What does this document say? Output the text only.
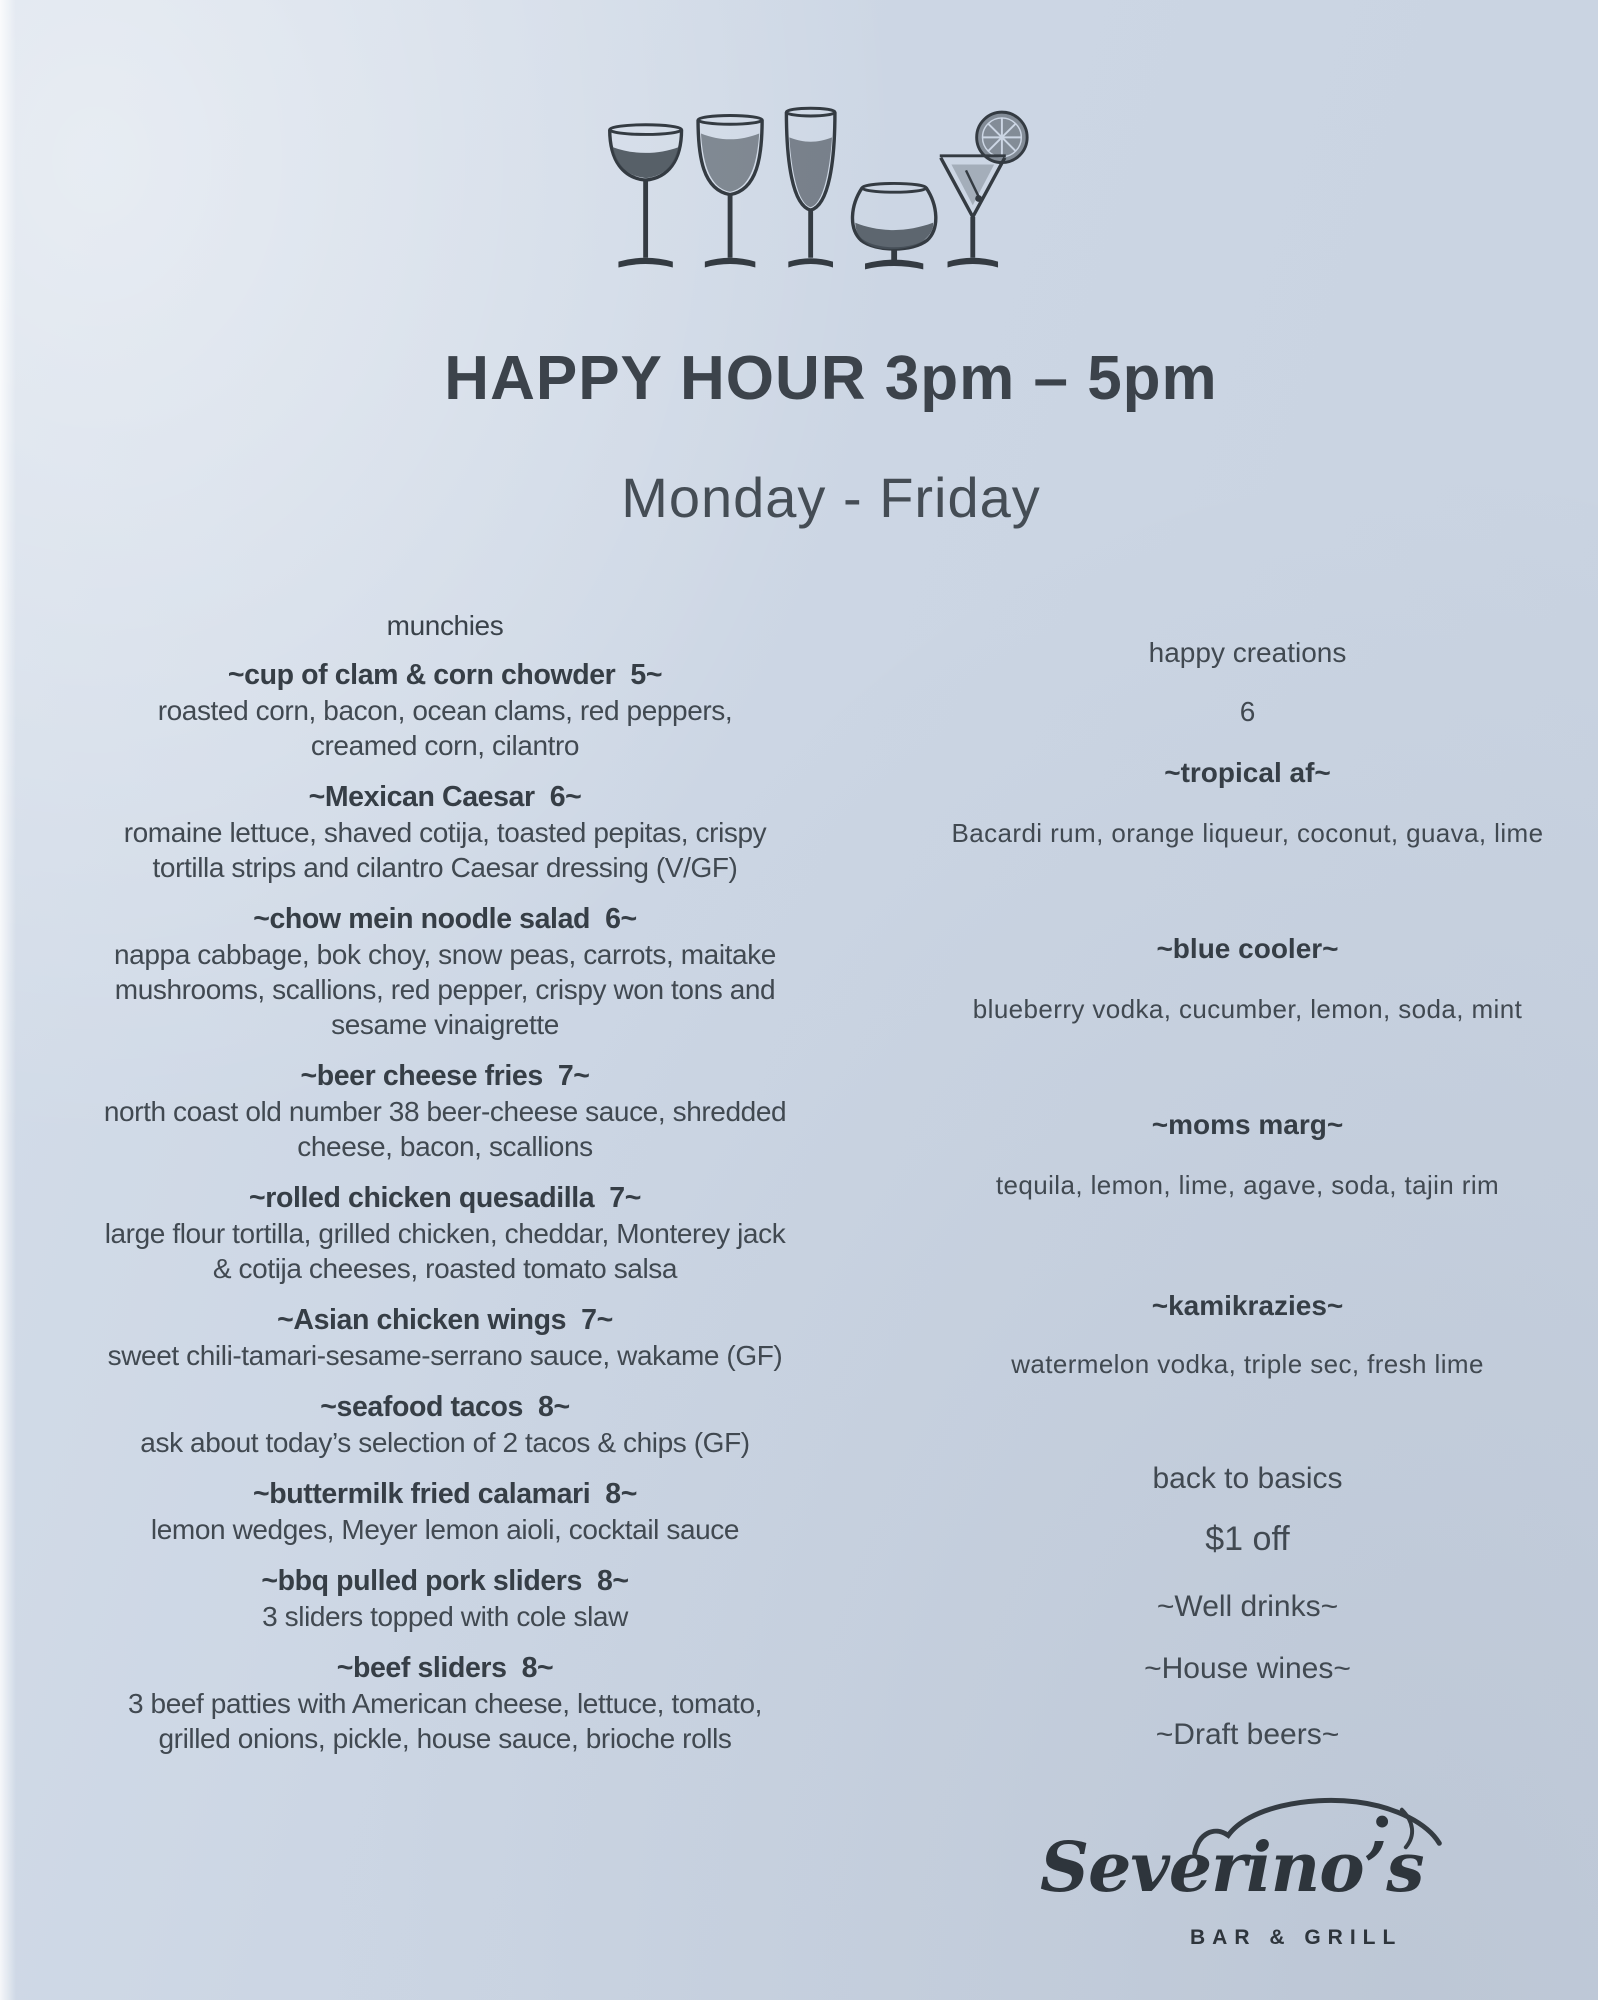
HAPPY HOUR 3pm – 5pm
Monday - Friday
munchies
~cup of clam & corn chowder  5~
roasted corn, bacon, ocean clams, red peppers,
creamed corn, cilantro
~Mexican Caesar  6~
romaine lettuce, shaved cotija, toasted pepitas, crispy
tortilla strips and cilantro Caesar dressing (V/GF)
~chow mein noodle salad  6~
nappa cabbage, bok choy, snow peas, carrots, maitake
mushrooms, scallions, red pepper, crispy won tons and
sesame vinaigrette
~beer cheese fries  7~
north coast old number 38 beer-cheese sauce, shredded
cheese, bacon, scallions
~rolled chicken quesadilla  7~
large flour tortilla, grilled chicken, cheddar, Monterey jack
& cotija cheeses, roasted tomato salsa
~Asian chicken wings  7~
sweet chili-tamari-sesame-serrano sauce, wakame (GF)
~seafood tacos  8~
ask about today’s selection of 2 tacos & chips (GF)
~buttermilk fried calamari  8~
lemon wedges, Meyer lemon aioli, cocktail sauce
~bbq pulled pork sliders  8~
3 sliders topped with cole slaw
~beef sliders  8~
3 beef patties with American cheese, lettuce, tomato,
grilled onions, pickle, house sauce, brioche rolls
happy creations
6
~tropical af~
Bacardi rum, orange liqueur, coconut, guava, lime
~blue cooler~
blueberry vodka, cucumber, lemon, soda, mint
~moms marg~
tequila, lemon, lime, agave, soda, tajin rim
~kamikrazies~
watermelon vodka, triple sec, fresh lime
back to basics
$1 off
~Well drinks~
~House wines~
~Draft beers~
Severino’s
BAR & GRILL
